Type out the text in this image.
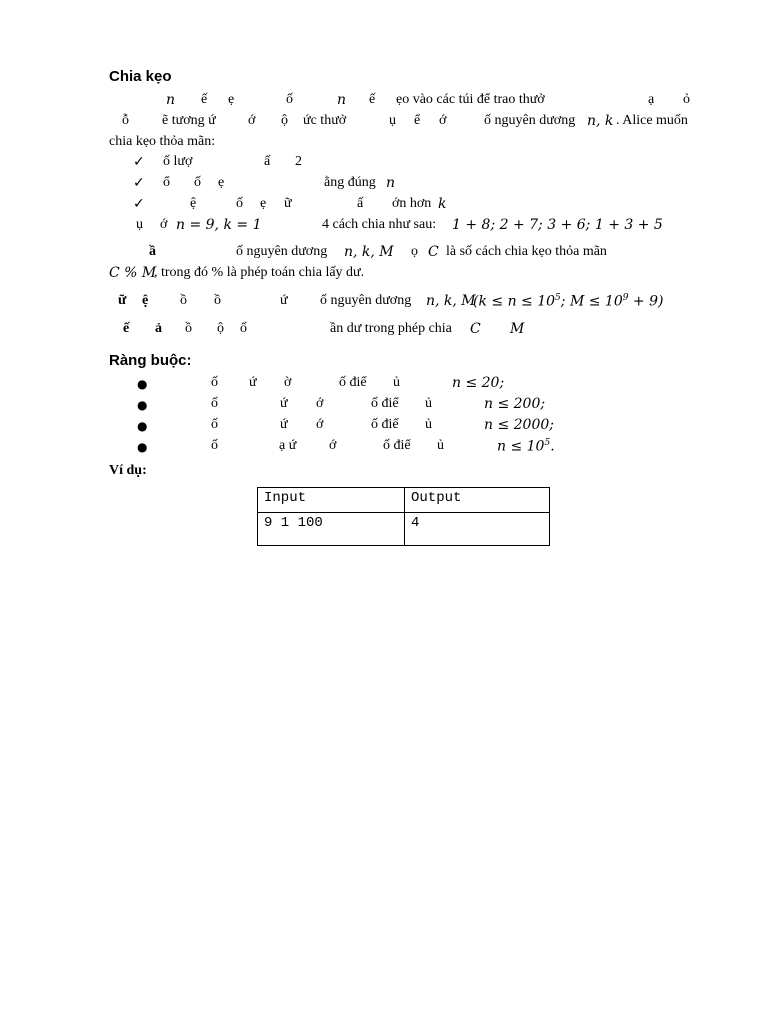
Chia kẹo
n ế ẹ	ố	n ế ẹo vào các túi để trao thưở	ạ ỏ
ỗ ẽ tương ứ ớ ộ ức thưở	ụ ể ớ	ố nguyên dương n, k . Alice muốn
chia kẹo thỏa mãn:
✓ ố lượ	ấ 2
✓ ổ ố ẹ	ằng đúng n
✓	ệ	ố ẹ ữ	ấ ớn hơn k
ụ ớ n = 9, k = 1	4 cách chia như sau: 1 + 8; 2 + 7; 3 + 6; 1 + 3 + 5
ầ	ố nguyên dương n, k, M ọ C là số cách chia kẹo thỏa mãn
C % M
, trong đó % là phép toán chia lấy dư.
ữ ệ ồ ồ	ứ ố nguyên dương n, k, M
($k \le n \le 10^5$; $M \le 10^9 + 9$)
ế ả ồ ộ ố	ần dư trong phép chia C M
Ràng buộc:
●	ố ứ ờ	ố điể ủ	n ≤ 20;
●	ố	ứ ớ	ố điể ủ	n ≤ 200;
●	ố	ứ ớ	ố điể ủ	n ≤ 2000;
●	ố	ạ ứ ớ	ố điể ủ	$n \le 10^5$.
Ví dụ:
Input	Output
9 1 100	4
